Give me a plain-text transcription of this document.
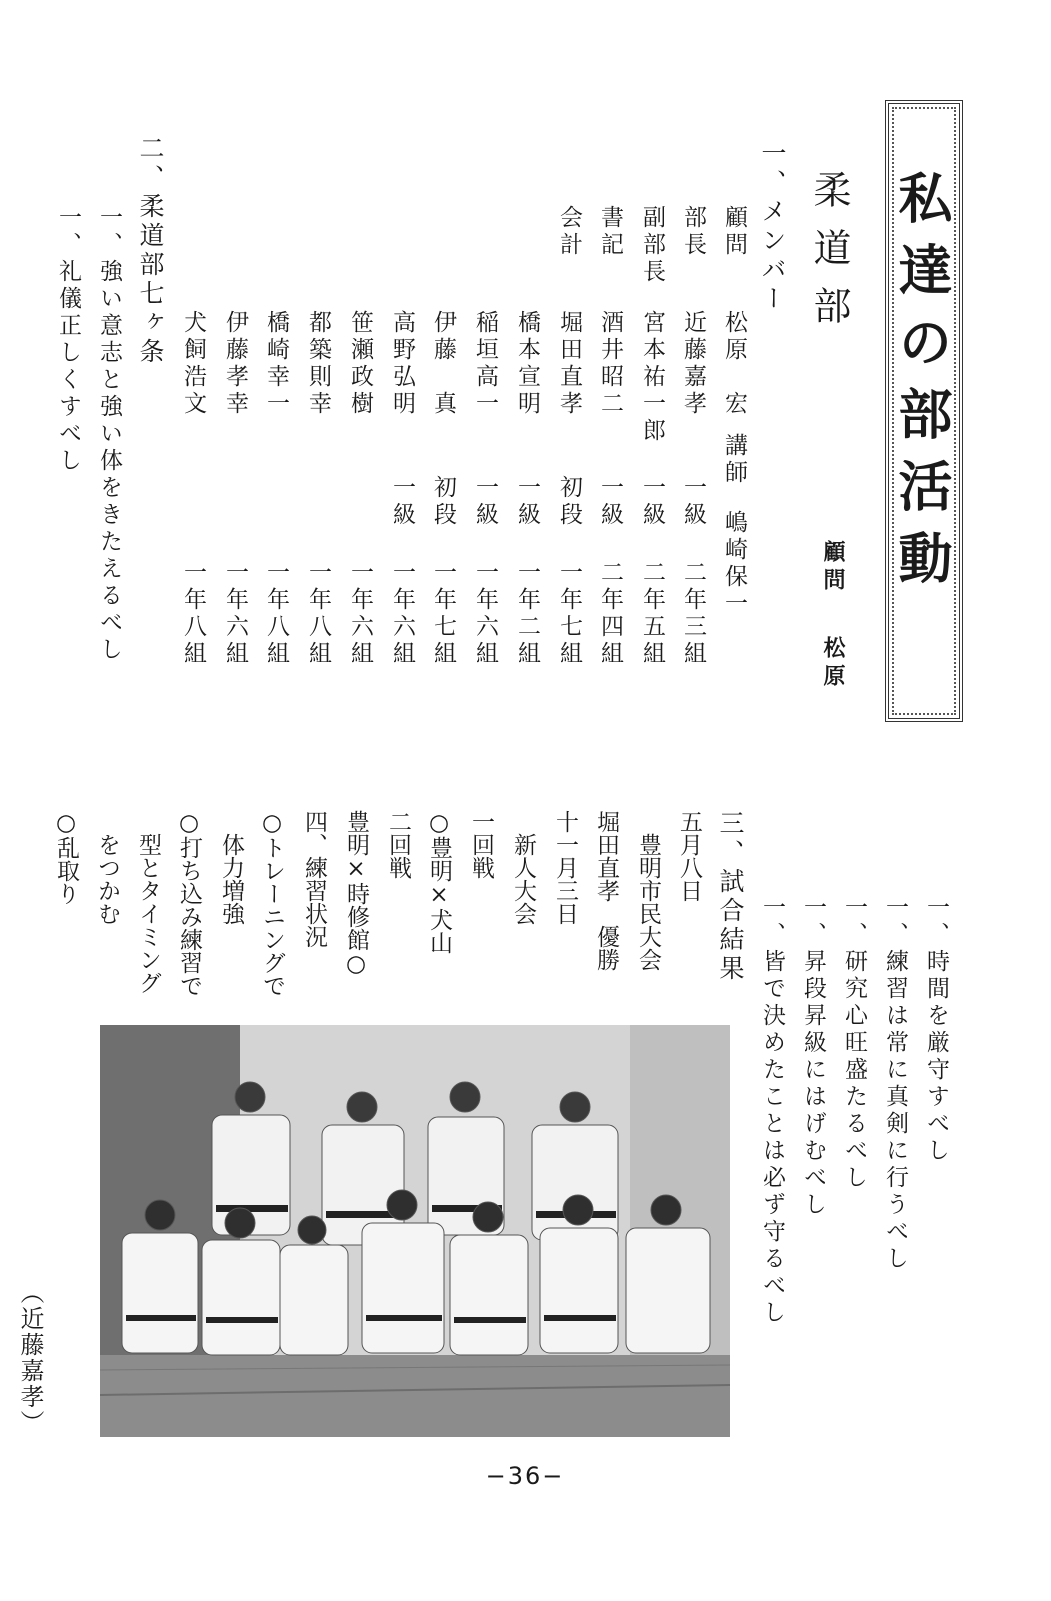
私達の部活動
柔道部
顧問松原
一、メンバー
顧問
松原　宏
講師
嶋崎保一
部長
近藤嘉孝
一級
二年三組
副部長
宮本祐一郎
一級
二年五組
書記
酒井昭二
一級
二年四組
会計
堀田直孝
初段
一年七組
橋本宣明
一級
一年二組
稲垣高一
一級
一年六組
伊藤　真
初段
一年七組
高野弘明
一級
一年六組
笹瀬政樹
一年六組
都築則幸
一年八組
橋崎幸一
一年八組
伊藤孝幸
一年六組
犬飼浩文
一年八組
二、柔道部七ヶ条
一、強い意志と強い体をきたえるべし
一、礼儀正しくすべし
一、時間を厳守すべし
一、練習は常に真剣に行うべし
一、研究心旺盛たるべし
一、昇段昇級にはげむべし
一、皆で決めたことは必ず守るべし
三、試合結果
五月八日
　豊明市民大会
堀田直孝　優勝
十一月三日
　新人大会
一回戦
○豊明×犬山
二回戦
豊明×時修館○
四、練習状況
○トレーニングで
　体力増強
○打ち込み練習で
　型とタイミング
　をつかむ
○乱取り
（近藤嘉孝）
−36−
